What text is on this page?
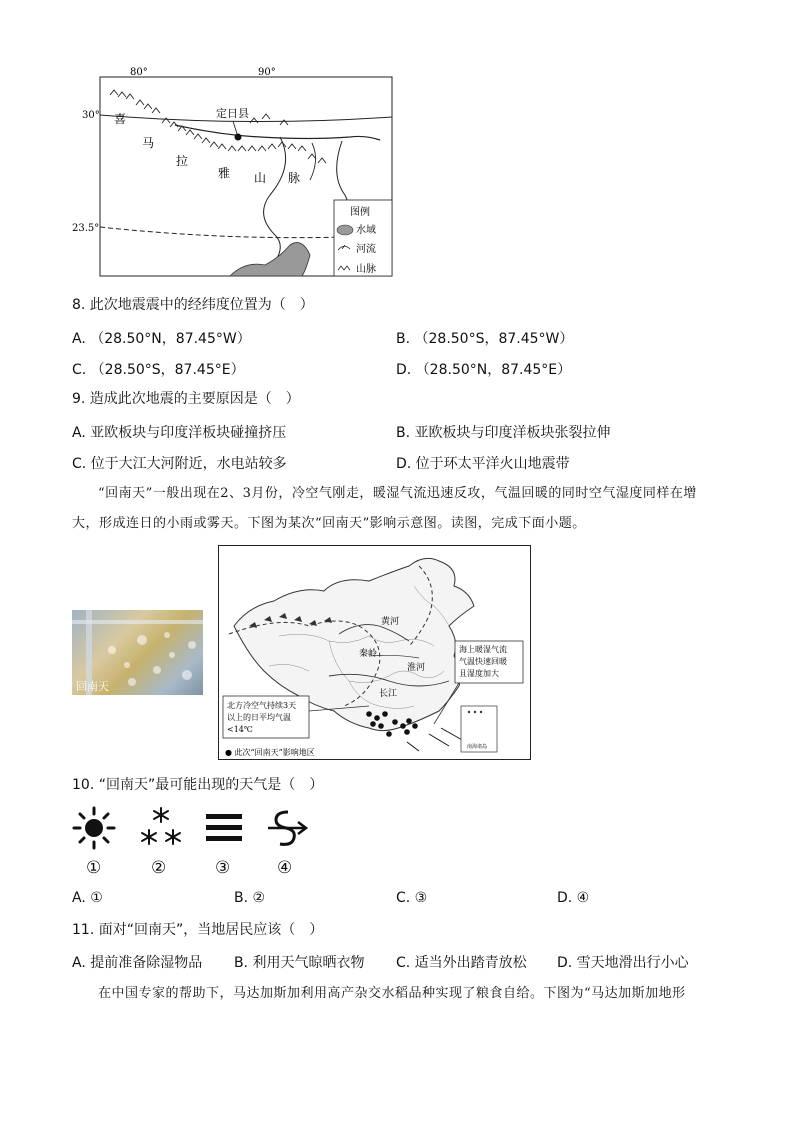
80°	90°
30°
23.5°
定日县
喜
马
拉
雅 山 脉
图例
水域
河流
山脉
8. 此次地震震中的经纬度位置为（　）
A. （28.50°N，87.45°W）	B. （28.50°S，87.45°W）
C. （28.50°S，87.45°E）	D. （28.50°N，87.45°E）
9. 造成此次地震的主要原因是（　）
A. 亚欧板块与印度洋板块碰撞挤压	B. 亚欧板块与印度洋板块张裂拉伸
C. 位于大江大河附近，水电站较多	D. 位于环太平洋火山地震带
“回南天”一般出现在2、3月份，冷空气刚走，暖湿气流迅速反攻，气温回暖的同时空气湿度同样在增
大，形成连日的小雨或雾天。下图为某次“回南天”影响示意图。读图，完成下面小题。
回南天
黄河
秦岭
淮河
长江
海上暖湿气流
气温快速回暖
且湿度加大
北方冷空气持续3天
以上的日平均气温
<14℃
● 此次“回南天”影响地区
南海诸岛
10. “回南天”最可能出现的天气是（　）
①	②	③	④
A. ①	B. ②	C. ③	D. ④
11. 面对“回南天”，当地居民应该（　）
A. 提前准备除湿物品 B. 利用天气晾晒衣物 C. 适当外出踏青放松 D. 雪天地滑出行小心
在中国专家的帮助下，马达加斯加利用高产杂交水稻品种实现了粮食自给。下图为“马达加斯加地形
